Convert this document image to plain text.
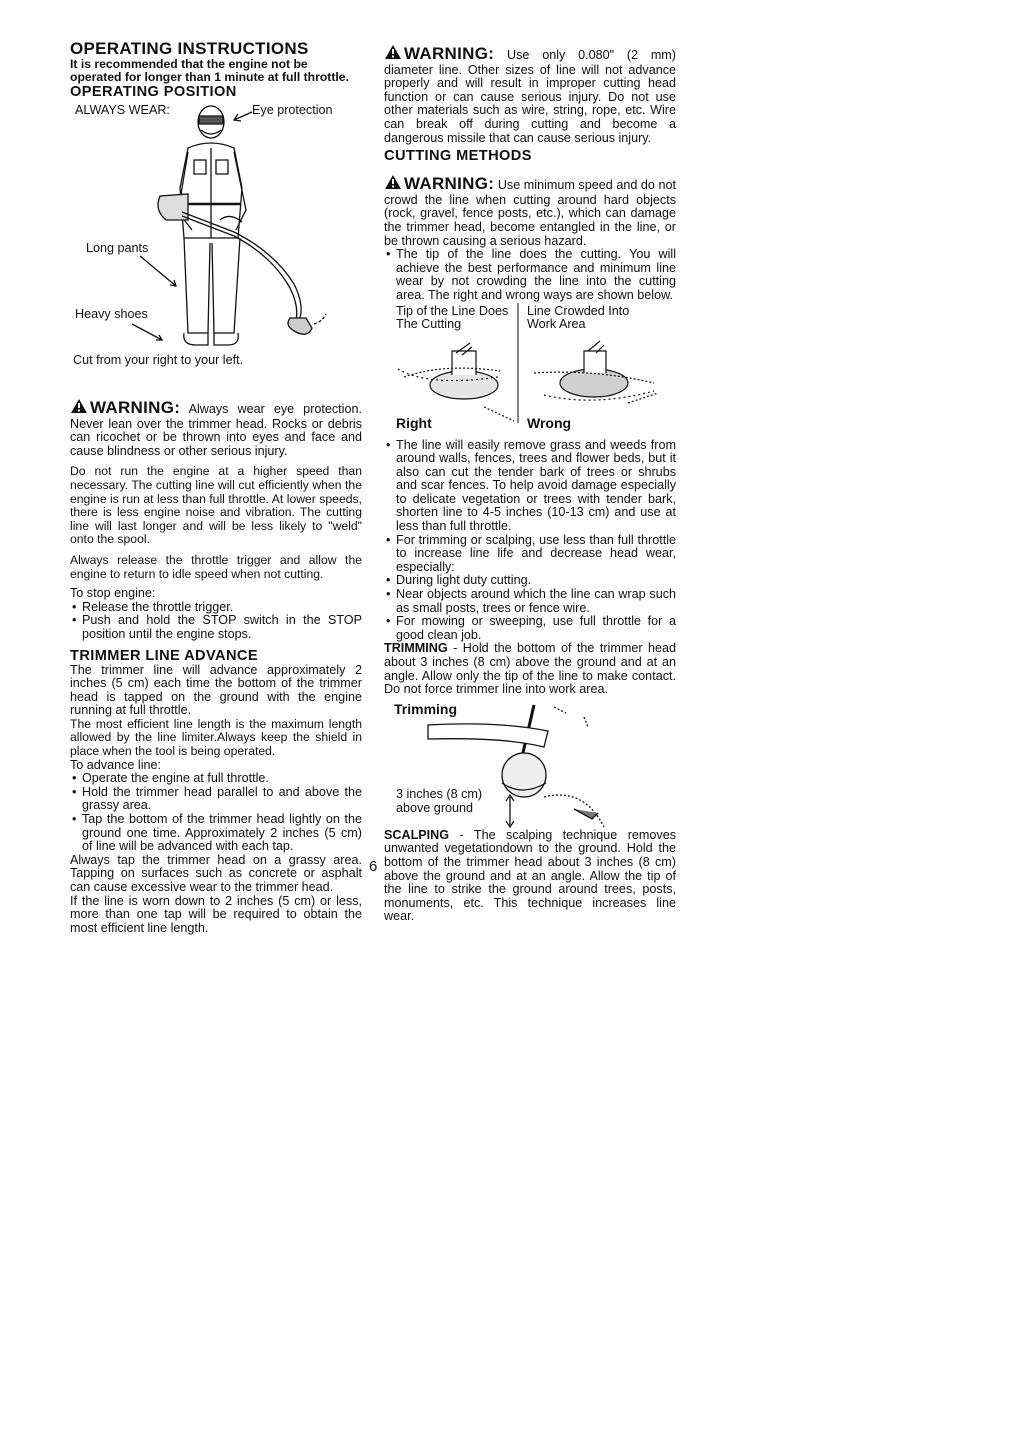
OPERATING INSTRUCTIONS

It is recommended that the engine not be operated for longer than 1 minute at full throttle.

OPERATING POSITION
ALWAYS WEAR:	Eye protection
Long pants
Heavy shoes
Cut from your right to your left.

WARNING: Always wear eye protection. Never lean over the trimmer head. Rocks or debris can ricochet or be thrown into eyes and face and cause blindness or other serious injury.

Do not run the engine at a higher speed than necessary. The cutting line will cut efficiently when the engine is run at less than full throttle. At lower speeds, there is less engine noise and vibration. The cutting line will last longer and will be less likely to "weld" onto the spool.

Always release the throttle trigger and allow the engine to return to idle speed when not cutting.

To stop engine:

• Release the throttle trigger.
• Push and hold the STOP switch in the STOP position until the engine stops.
TRIMMER LINE ADVANCE

The trimmer line will advance approximately 2 inches (5 cm) each time the bottom of the trimmer head is tapped on the ground with the engine running at full throttle.

The most efficient line length is the maximum length allowed by the line limiter.Always keep the shield in place when the tool is being operated.

To advance line:

• Operate the engine at full throttle.
• Hold the trimmer head parallel to and above the grassy area.
• Tap the bottom of the trimmer head lightly on the ground one time. Approximately 2 inches (5 cm) of line will be advanced with each tap.

Always tap the trimmer head on a grassy area. Tapping on surfaces such as concrete or asphalt can cause excessive wear to the trimmer head.

If the line is worn down to 2 inches (5 cm) or less, more than one tap will be required to obtain the most efficient line length.

WARNING: Use only 0.080" (2 mm) diameter line. Other sizes of line will not advance properly and will result in improper cutting head function or can cause serious injury. Do not use other materials such as wire, string, rope, etc. Wire can break off during cutting and become a dangerous missile that can cause serious injury.

CUTTING METHODS

WARNING: Use minimum speed and do not crowd the line when cutting around hard objects (rock, gravel, fence posts, etc.), which can damage the trimmer head, become entangled in the line, or be thrown causing a serious hazard.

• The tip of the line does the cutting. You will achieve the best performance and minimum line wear by not crowding the line into the cutting area. The right and wrong ways are shown below.
Tip of the Line Does The Cutting
Line Crowded Into Work Area
Right	Wrong
• The line will easily remove grass and weeds from around walls, fences, trees and flower beds, but it also can cut the tender bark of trees or shrubs and scar fences. To help avoid damage especially to delicate vegetation or trees with tender bark, shorten line to 4-5 inches (10-13 cm) and use at less than full throttle.
• For trimming or scalping, use less than full throttle to increase line life and decrease head wear, especially:
• During light duty cutting.
• Near objects around which the line can wrap such as small posts, trees or fence wire.
• For mowing or sweeping, use full throttle for a good clean job.

TRIMMING - Hold the bottom of the trimmer head about 3 inches (8 cm) above the ground and at an angle. Allow only the tip of the line to make contact. Do not force trimmer line into work area.

Trimming
3 inches (8 cm) above ground

SCALPING - The scalping technique removes unwanted vegetationdown to the ground. Hold the bottom of the trimmer head about 3 inches (8 cm) above the ground and at an angle. Allow the tip of the line to strike the ground around trees, posts, monuments, etc. This technique increases line wear.

6
